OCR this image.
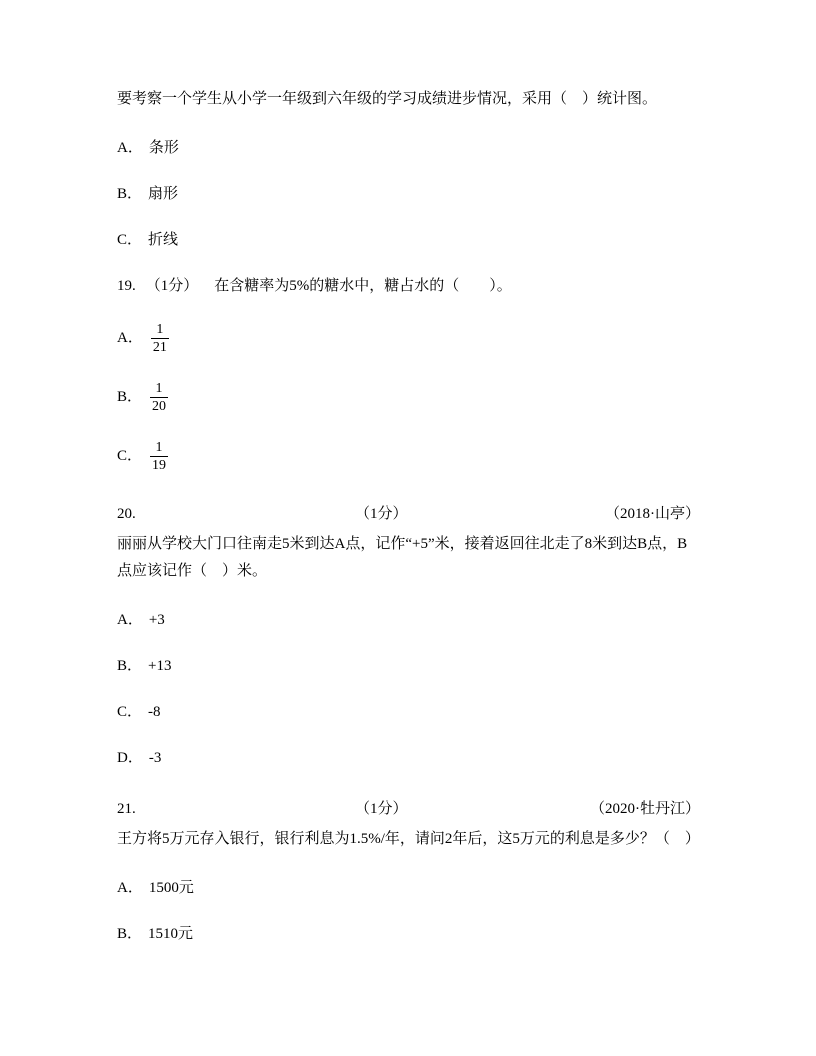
要考察一个学生从小学一年级到六年级的学习成绩进步情况，采用（　）统计图。

A． 条形

B． 扇形

C． 折线

19. （1分） 在含糖率为5%的糖水中，糖占水的（　　）。

A． $\frac{1}{21}$
B． $\frac{1}{20}$
C． $\frac{1}{19}$
20.	（1分）	（2018·山亭）

丽丽从学校大门口往南走5米到达A点，记作“+5”米，接着返回往北走了8米到达B点，B点应该记作（　）米。

A． +3

B． +13

C． -8

D． -3

21.	（1分）	（2020·牡丹江）

王方将5万元存入银行，银行利息为1.5%/年，请问2年后，这5万元的利息是多少？（　）

A． 1500元

B． 1510元
